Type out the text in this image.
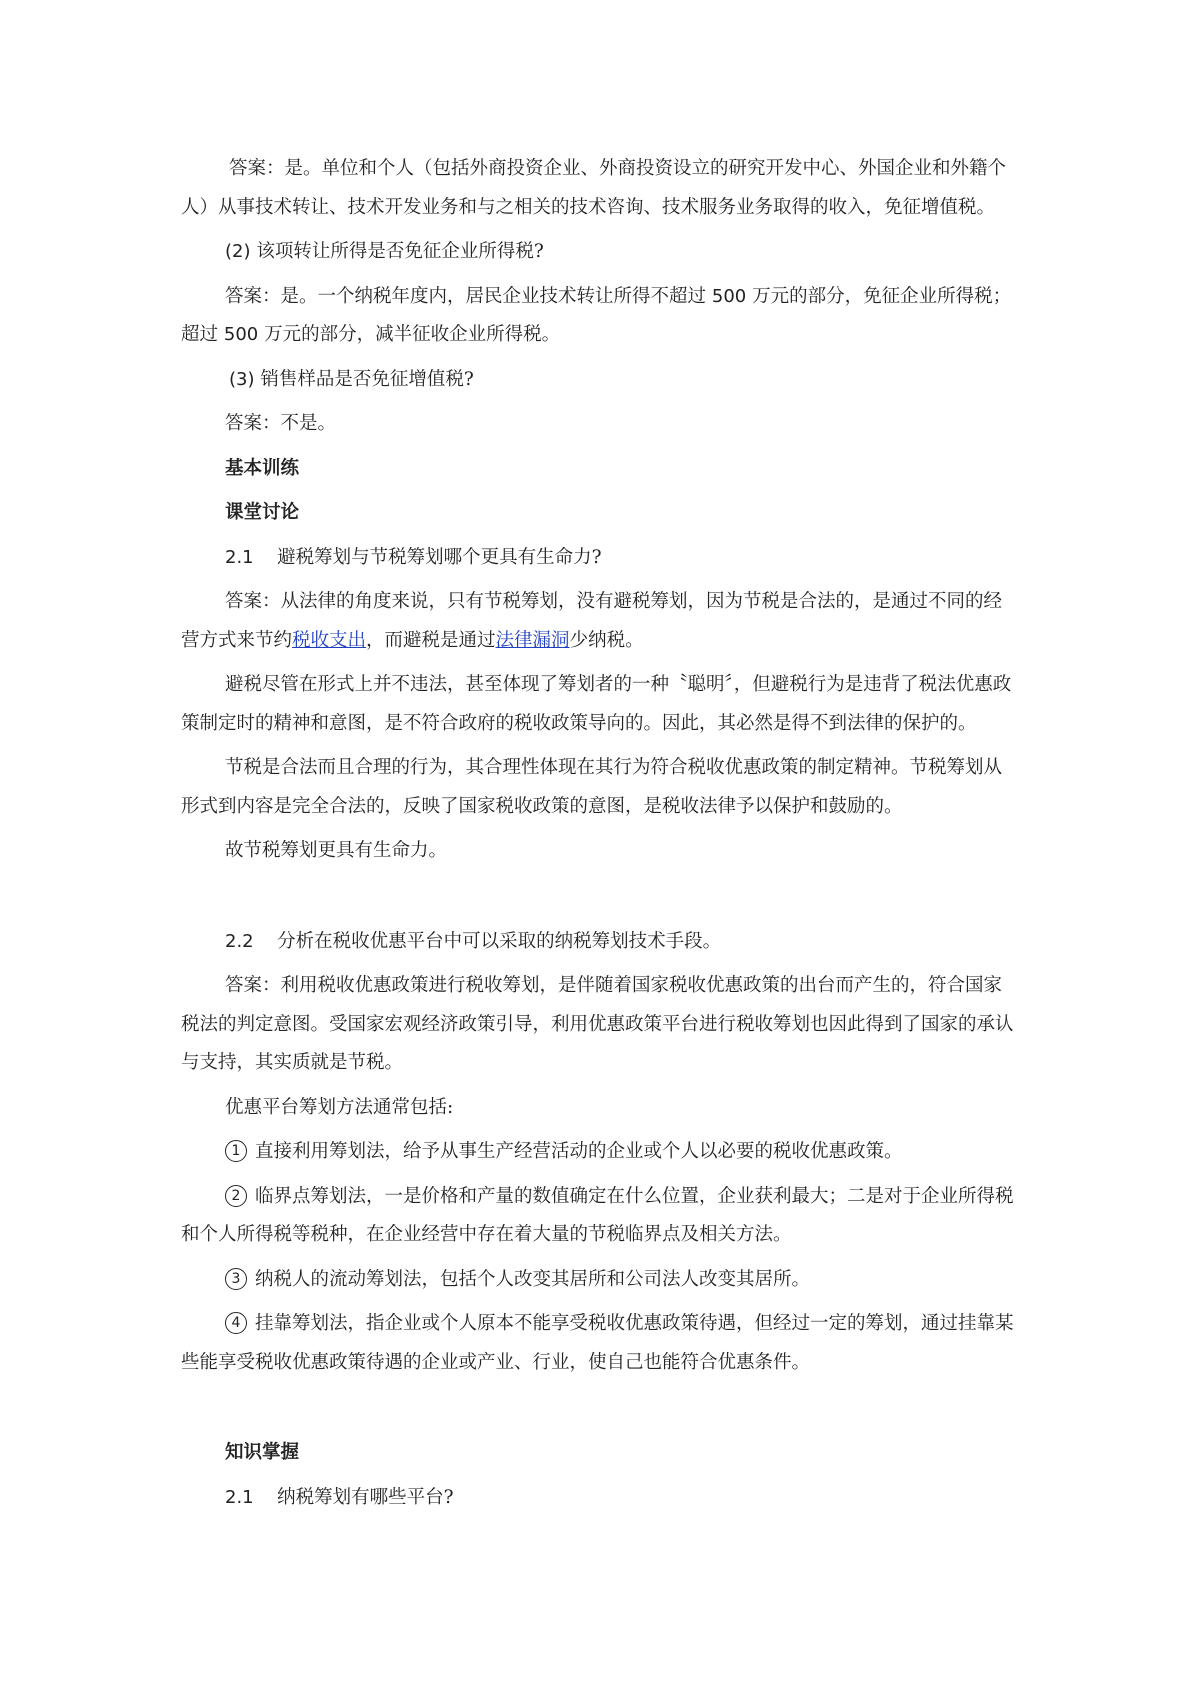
答案：是。单位和个人（包括外商投资企业、外商投资设立的研究开发中心、外国企业和外籍个人）从事技术转让、技术开发业务和与之相关的技术咨询、技术服务业务取得的收入，免征增值税。

(2) 该项转让所得是否免征企业所得税?

答案：是。一个纳税年度内，居民企业技术转让所得不超过 500 万元的部分，免征企业所得税；超过 500 万元的部分，减半征收企业所得税。

(3) 销售样品是否免征增值税?

答案：不是。

基本训练

课堂讨论

2.1 避税筹划与节税筹划哪个更具有生命力?

答案：从法律的角度来说，只有节税筹划，没有避税筹划，因为节税是合法的，是通过不同的经营方式来节约税收支出，而避税是通过法律漏洞少纳税。

避税尽管在形式上并不违法，甚至体现了筹划者的一种〝聪明〞，但避税行为是违背了税法优惠政策制定时的精神和意图，是不符合政府的税收政策导向的。因此，其必然是得不到法律的保护的。

节税是合法而且合理的行为，其合理性体现在其行为符合税收优惠政策的制定精神。节税筹划从形式到内容是完全合法的，反映了国家税收政策的意图，是税收法律予以保护和鼓励的。

故节税筹划更具有生命力。

2.2 分析在税收优惠平台中可以采取的纳税筹划技术手段。

答案：利用税收优惠政策进行税收筹划，是伴随着国家税收优惠政策的出台而产生的，符合国家税法的判定意图。受国家宏观经济政策引导，利用优惠政策平台进行税收筹划也因此得到了国家的承认与支持，其实质就是节税。

优惠平台筹划方法通常包括:

1 直接利用筹划法，给予从事生产经营活动的企业或个人以必要的税收优惠政策。

2 临界点筹划法，一是价格和产量的数值确定在什么位置，企业获利最大；二是对于企业所得税和个人所得税等税种，在企业经营中存在着大量的节税临界点及相关方法。

3 纳税人的流动筹划法，包括个人改变其居所和公司法人改变其居所。

4 挂靠筹划法，指企业或个人原本不能享受税收优惠政策待遇，但经过一定的筹划，通过挂靠某些能享受税收优惠政策待遇的企业或产业、行业，使自己也能符合优惠条件。

知识掌握

2.1 纳税筹划有哪些平台?
